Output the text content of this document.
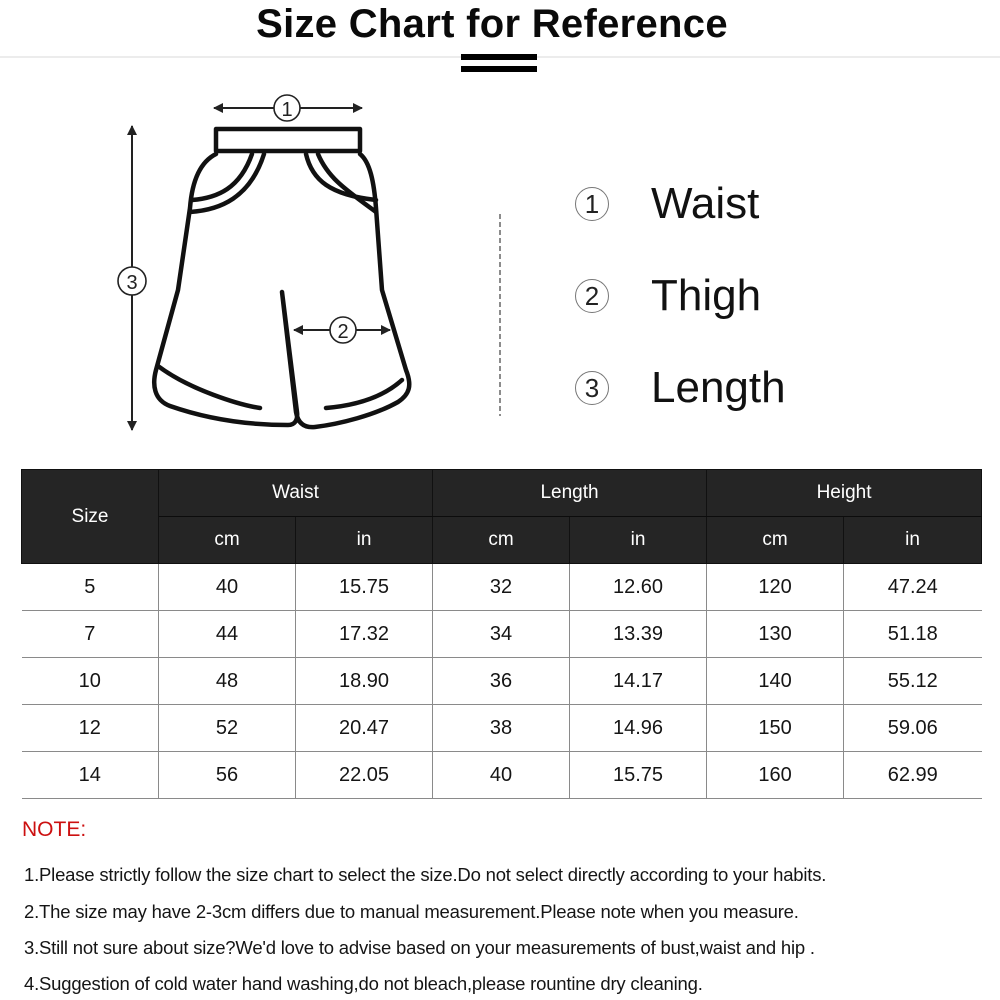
Size Chart for Reference
1
3
2
1 Waist
2 Thigh
3 Length
Size	Waist		Length		Height	
	cm	in	cm	in	cm	in
5	40	15.75	32	12.60	120	47.24
7	44	17.32	34	13.39	130	51.18
10	48	18.90	36	14.17	140	55.12
12	52	20.47	38	14.96	150	59.06
14	56	22.05	40	15.75	160	62.99
NOTE:
1.Please strictly follow the size chart to select the size.Do not select directly according to your habits.
2.The size may have 2-3cm differs due to manual measurement.Please note when you measure.
3.Still not sure about size?We'd love to advise based on your measurements of bust,waist and hip .
4.Suggestion of cold water hand washing,do not bleach,please rountine dry cleaning.
